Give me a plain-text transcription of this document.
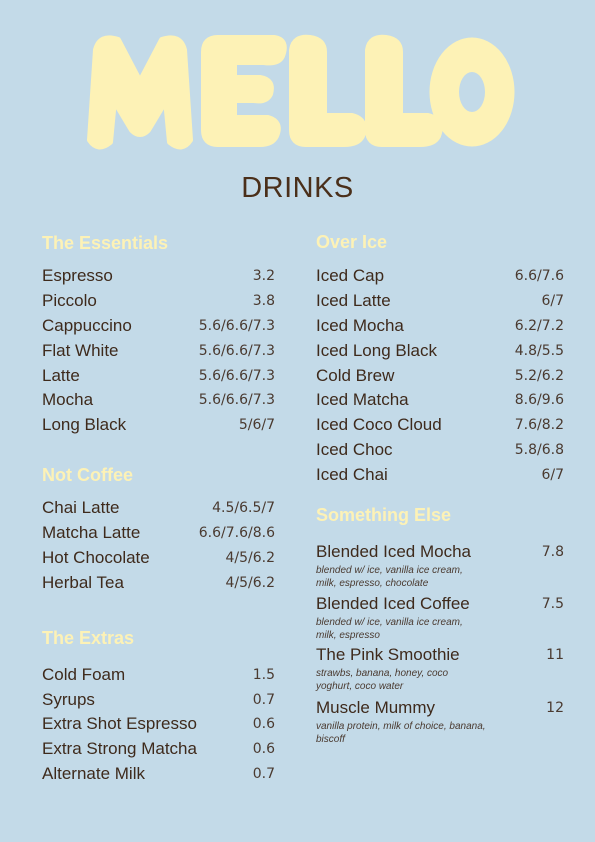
DRINKS
The Essentials
Espresso	3.2
Piccolo	3.8
Cappuccino	5.6/6.6/7.3
Flat White	5.6/6.6/7.3
Latte	5.6/6.6/7.3
Mocha	5.6/6.6/7.3
Long Black	5/6/7
Not Coffee
Chai Latte	4.5/6.5/7
Matcha Latte	6.6/7.6/8.6
Hot Chocolate	4/5/6.2
Herbal Tea	4/5/6.2
The Extras
Cold Foam	1.5
Syrups	0.7
Extra Shot Espresso	0.6
Extra Strong Matcha	0.6
Alternate Milk	0.7
Over Ice
Iced Cap	6.6/7.6
Iced Latte	6/7
Iced Mocha	6.2/7.2
Iced Long Black	4.8/5.5
Cold Brew	5.2/6.2
Iced Matcha	8.6/9.6
Iced Coco Cloud	7.6/8.2
Iced Choc	5.8/6.8
Iced Chai	6/7
Something Else
Blended Iced Mocha	7.8
blended w/ ice, vanilla ice cream, milk, espresso, chocolate
Blended Iced Coffee	7.5
blended w/ ice, vanilla ice cream, milk, espresso
The Pink Smoothie	11
strawbs, banana, honey, coco yoghurt, coco water
Muscle Mummy	12
vanilla protein, milk of choice, banana, biscoff
